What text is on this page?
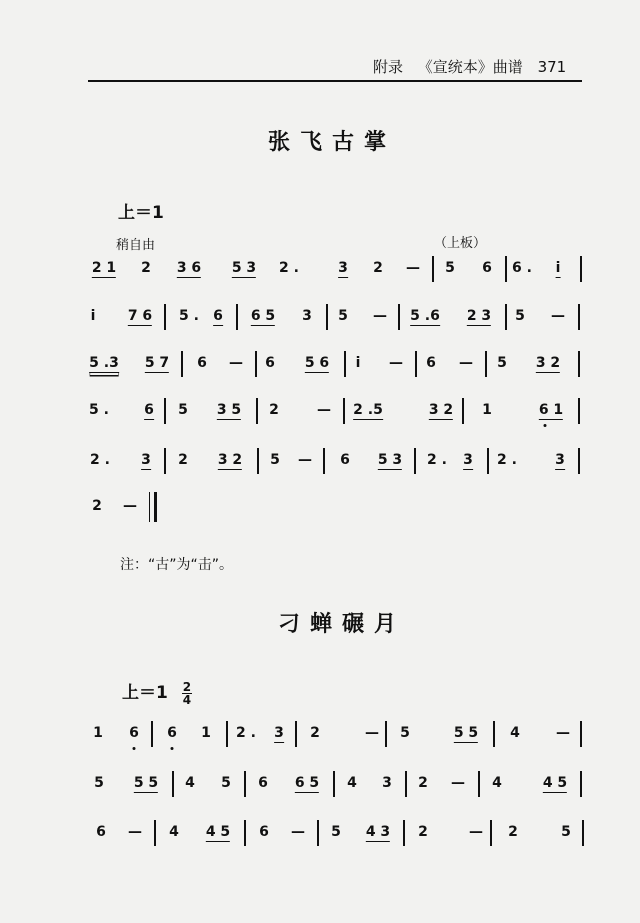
附录 《宣统本》曲谱 371
张飞古掌
上＝1
稍自由	（上板）
注：“古”为“击”。
刁蝉碾月
上$=1 \frac{2}{4}$
2 1 2 3 6 5 3 2 .	3 2 — 5 6 6 . i
i 7 6 5 . 6 6 5 3 5 — 5 .6 2 3 5 —
5 .3 5 7 6 — 6 5 6 i — 6 — 5 3 2
5 .	6 5 3 5 2	— 2 .5	3 2 1	6 1
2 . 3 2 3 2 5 — 6 5 3 2 . 3 2 .	3
2 —
1 6 6 1 2 . 3 2	— 5	5 5 4	—
5 5 5 4 5 6 6 5 4 3 2 — 4	4 5
6 — 4 4 5 6 — 5 4 3 2	— 2	5
